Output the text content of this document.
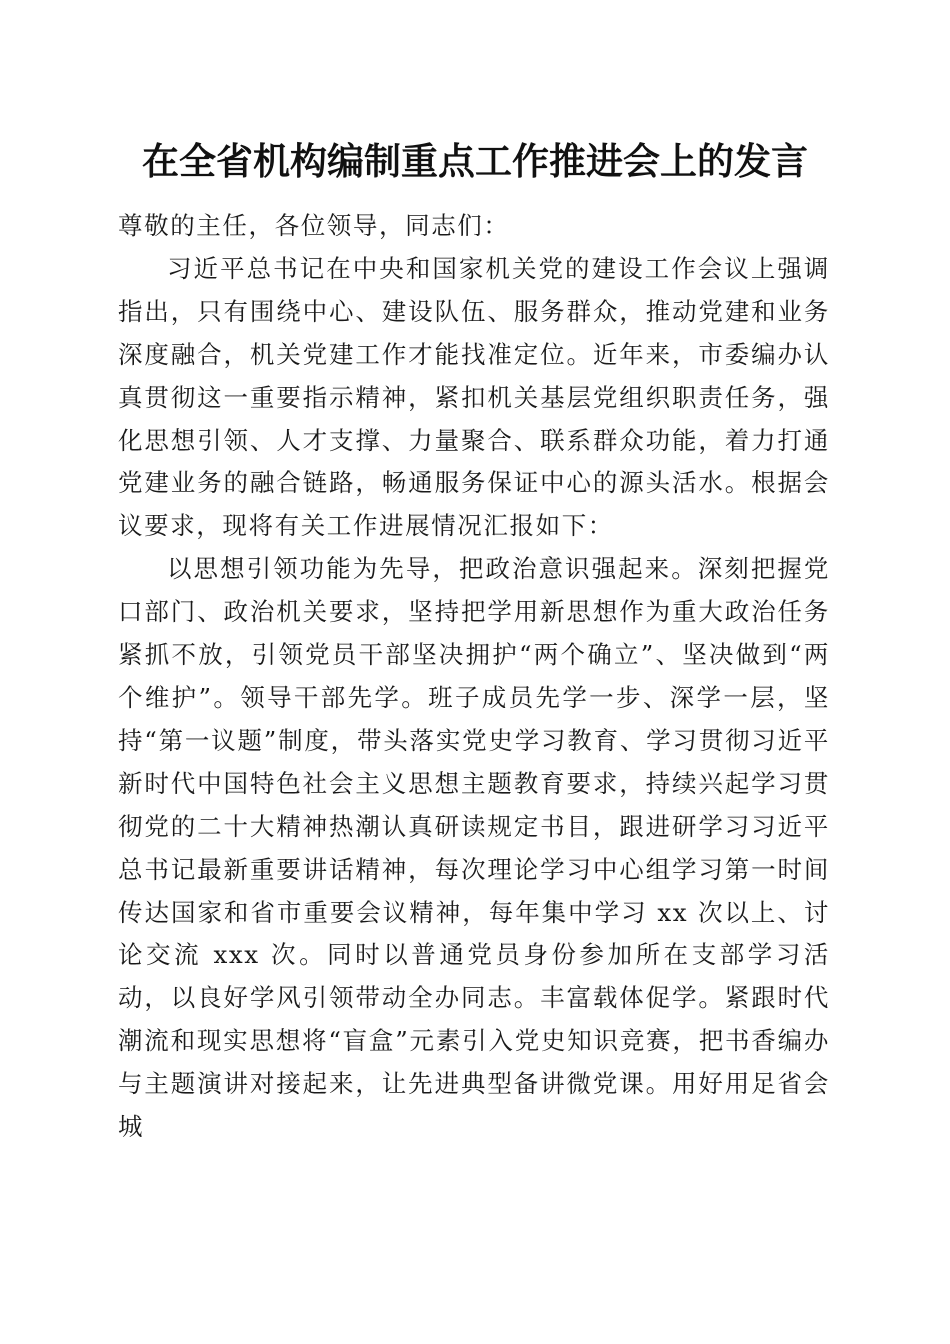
在全省机构编制重点工作推进会上的发言

尊敬的主任，各位领导，同志们：

习近平总书记在中央和国家机关党的建设工作会议上强调指出，只有围绕中心、建设队伍、服务群众，推动党建和业务深度融合，机关党建工作才能找准定位。近年来，市委编办认真贯彻这一重要指示精神，紧扣机关基层党组织职责任务，强化思想引领、人才支撑、力量聚合、联系群众功能，着力打通党建业务的融合链路，畅通服务保证中心的源头活水。根据会议要求，现将有关工作进展情况汇报如下：

以思想引领功能为先导，把政治意识强起来。深刻把握党口部门、政治机关要求，坚持把学用新思想作为重大政治任务紧抓不放，引领党员干部坚决拥护“两个确立”、坚决做到“两个维护”。领导干部先学。班子成员先学一步、深学一层，坚持“第一议题”制度，带头落实党史学习教育、学习贯彻习近平新时代中国特色社会主义思想主题教育要求，持续兴起学习贯彻党的二十大精神热潮认真研读规定书目，跟进研学习习近平总书记最新重要讲话精神，每次理论学习中心组学习第一时间传达国家和省市重要会议精神，每年集中学习 xx 次以上、讨论交流 xxx 次。同时以普通党员身份参加所在支部学习活动，以良好学风引领带动全办同志。丰富载体促学。紧跟时代潮流和现实思想将“盲盒”元素引入党史知识竞赛，把书香编办与主题演讲对接起来，让先进典型备讲微党课。用好用足省会城
